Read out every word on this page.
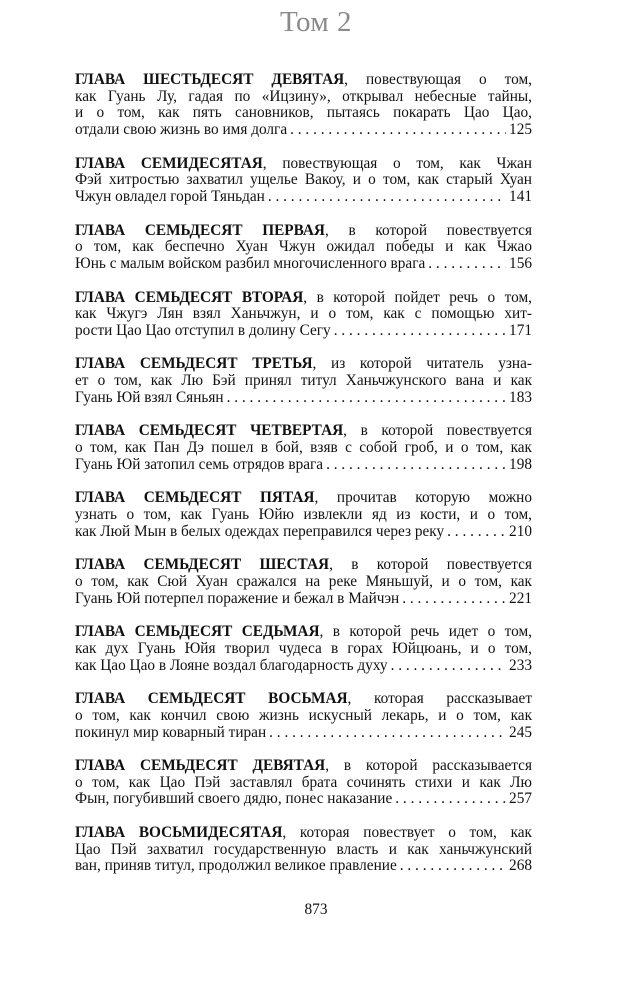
Том 2
ГЛАВА ШЕСТЬДЕСЯТ ДЕВЯТАЯ, повествующая о том,
как Гуань Лу, гадая по «Ицзину», открывал небесные тайны,
и о том, как пять сановников, пытаясь покарать Цао Цао,
отдали свою жизнь во имя долга . . .	125
ГЛАВА СЕМИДЕСЯТАЯ, повествующая о том, как Чжан
Фэй хитростью захватил ущелье Вакоу, и о том, как старый Хуан
Чжун овладел горой Тяньдан . . .	141
ГЛАВА СЕМЬДЕСЯТ ПЕРВАЯ, в которой повествуется
о том, как беспечно Хуан Чжун ожидал победы и как Чжао
Юнь с малым войском разбил многочисленного врага . . .	156
ГЛАВА СЕМЬДЕСЯТ ВТОРАЯ, в которой пойдет речь о том,
как Чжугэ Лян взял Ханьчжун, и о том, как с помощью хит-
рости Цао Цао отступил в долину Сегу . . .	171
ГЛАВА СЕМЬДЕСЯТ ТРЕТЬЯ, из которой читатель узна-
ет о том, как Лю Бэй принял титул Ханьчжунского вана и как
Гуань Юй взял Сяньян . . .	183
ГЛАВА СЕМЬДЕСЯТ ЧЕТВЕРТАЯ, в которой повествуется
о том, как Пан Дэ пошел в бой, взяв с собой гроб, и о том, как
Гуань Юй затопил семь отрядов врага . . .	198
ГЛАВА СЕМЬДЕСЯТ ПЯТАЯ, прочитав которую можно
узнать о том, как Гуань Юйю извлекли яд из кости, и о том,
как Люй Мын в белых одеждах переправился через реку . . .	210
ГЛАВА СЕМЬДЕСЯТ ШЕСТАЯ, в которой повествуется
о том, как Сюй Хуан сражался на реке Мяньшуй, и о том, как
Гуань Юй потерпел поражение и бежал в Майчэн . . .	221
ГЛАВА СЕМЬДЕСЯТ СЕДЬМАЯ, в которой речь идет о том,
как дух Гуань Юйя творил чудеса в горах Юйцюань, и о том,
как Цао Цао в Лояне воздал благодарность духу . . .	233
ГЛАВА СЕМЬДЕСЯТ ВОСЬМАЯ, которая рассказывает
о том, как кончил свою жизнь искусный лекарь, и о том, как
покинул мир коварный тиран . . .	245
ГЛАВА СЕМЬДЕСЯТ ДЕВЯТАЯ, в которой рассказывается
о том, как Цао Пэй заставлял брата сочинять стихи и как Лю
Фын, погубивший своего дядю, понес наказание . . .	257
ГЛАВА ВОСЬМИДЕСЯТАЯ, которая повествует о том, как
Цао Пэй захватил государственную власть и как ханьчжунский
ван, приняв титул, продолжил великое правление . . .	268
873
